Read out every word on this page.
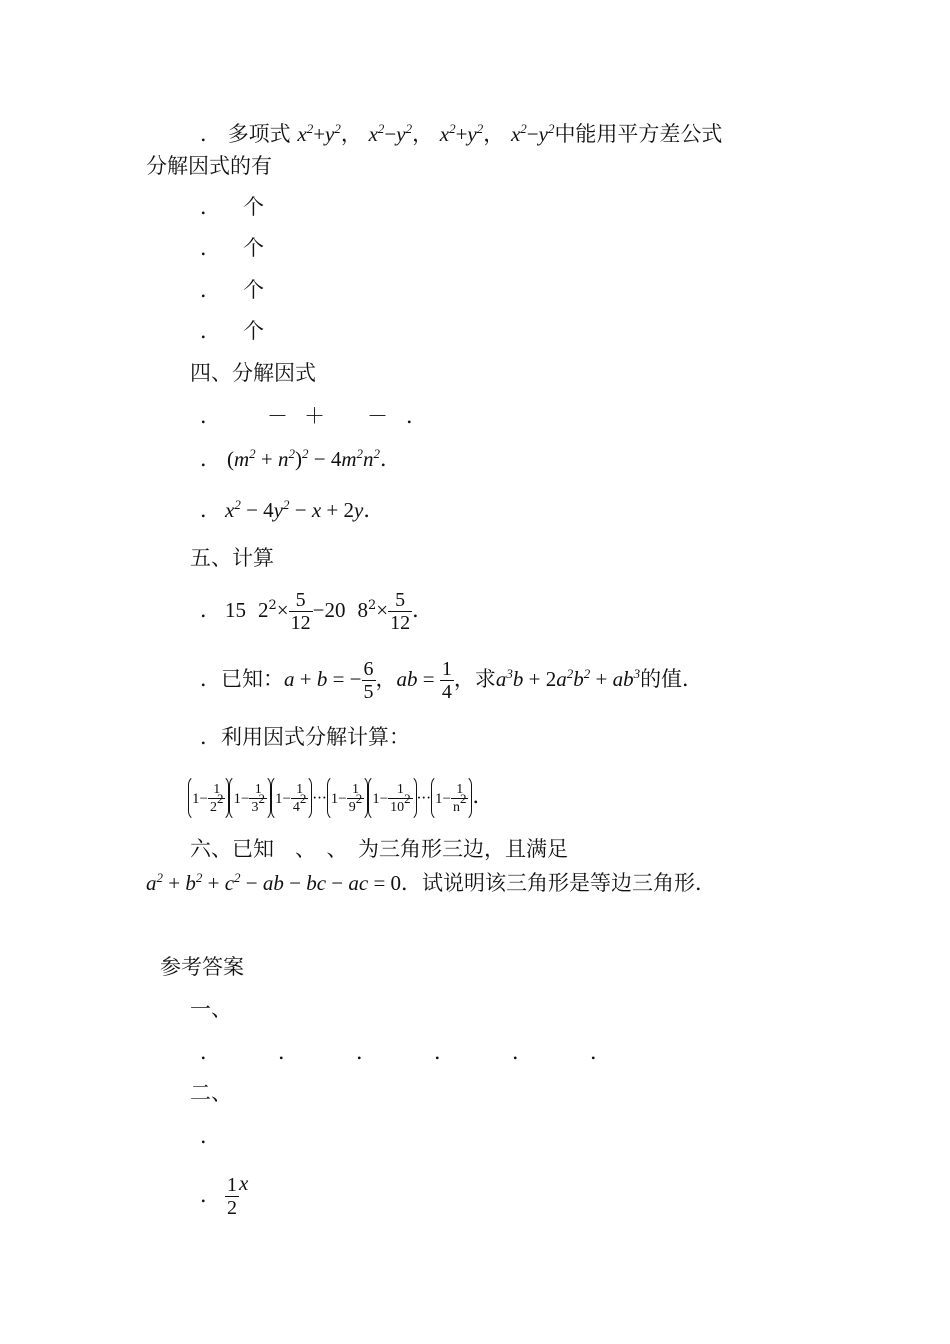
． 多项式 $x^2+y^2$， $x^2-y^2$， $x^2+y^2$， $x^2-y^2$中能用平方差公式
分解因式的有
． 个
． 个
． 个
． 个
四、分解因式
． － ＋ － ．
． $(m^2 + n^2)^2 - 4m^2n^2$．
． $x^2 - 4y^2 - x + 2y$．
五、计算
． 15 $2^2\times \frac{5}{12} -20$ $8^2\times \frac{5}{12}$ ．
．已知：a + b = − $\frac{6}{5}$ ，ab = $\frac{1}{4}$ ，求$a^3b + 2a^2b^2 + ab^3$的值．
．利用因式分解计算：
$1- \frac{1}{2^2} 1- \frac{1}{3^2} 1- \frac{1}{4^2}$ ··· $1- \frac{1}{9^2} 1- \frac{1}{10^2}$ ··· $1- \frac{1}{n^2}$ ．
六、已知　、　、　为三角形三边，且满足
$a^2 + b^2 + c^2$ − ab − bc − ac = 0．试说明该三角形是等边三角形．
参考答案
一、
．	．	．	．	．	．
二、
．
． $\frac{1}{2}$ x
